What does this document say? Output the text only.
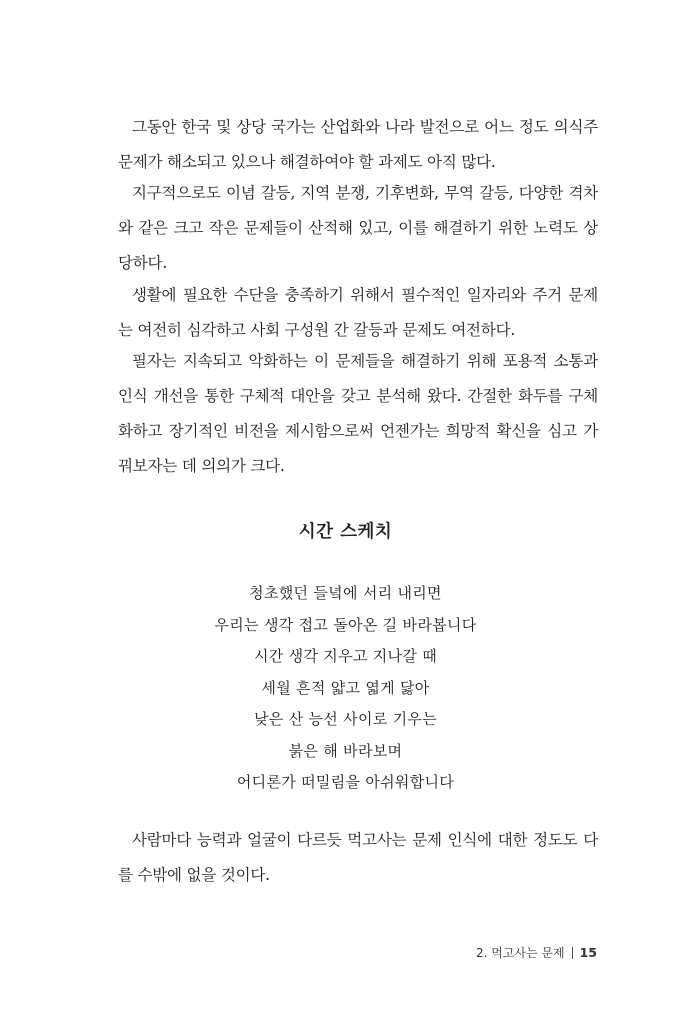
그동안 한국 및 상당 국가는 산업화와 나라 발전으로 어느 정도 의식주 문제가 해소되고 있으나 해결하여야 할 과제도 아직 많다.

지구적으로도 이념 갈등, 지역 분쟁, 기후변화, 무역 갈등, 다양한 격차와 같은 크고 작은 문제들이 산적해 있고, 이를 해결하기 위한 노력도 상당하다.

생활에 필요한 수단을 충족하기 위해서 필수적인 일자리와 주거 문제는 여전히 심각하고 사회 구성원 간 갈등과 문제도 여전하다.

필자는 지속되고 악화하는 이 문제들을 해결하기 위해 포용적 소통과 인식 개선을 통한 구체적 대안을 갖고 분석해 왔다. 간절한 화두를 구체화하고 장기적인 비전을 제시함으로써 언젠가는 희망적 확신을 심고 가꿔보자는 데 의의가 크다.

시간 스케치
청초했던 들녘에 서리 내리면
우리는 생각 접고 돌아온 길 바라봅니다
시간 생각 지우고 지나갈 때
세월 흔적 얇고 엷게 닳아
낮은 산 능선 사이로 기우는
붉은 해 바라보며
어디론가 떠밀림을 아쉬워합니다

사람마다 능력과 얼굴이 다르듯 먹고사는 문제 인식에 대한 정도도 다를 수밖에 없을 것이다.

2. 먹고사는 문제 15
